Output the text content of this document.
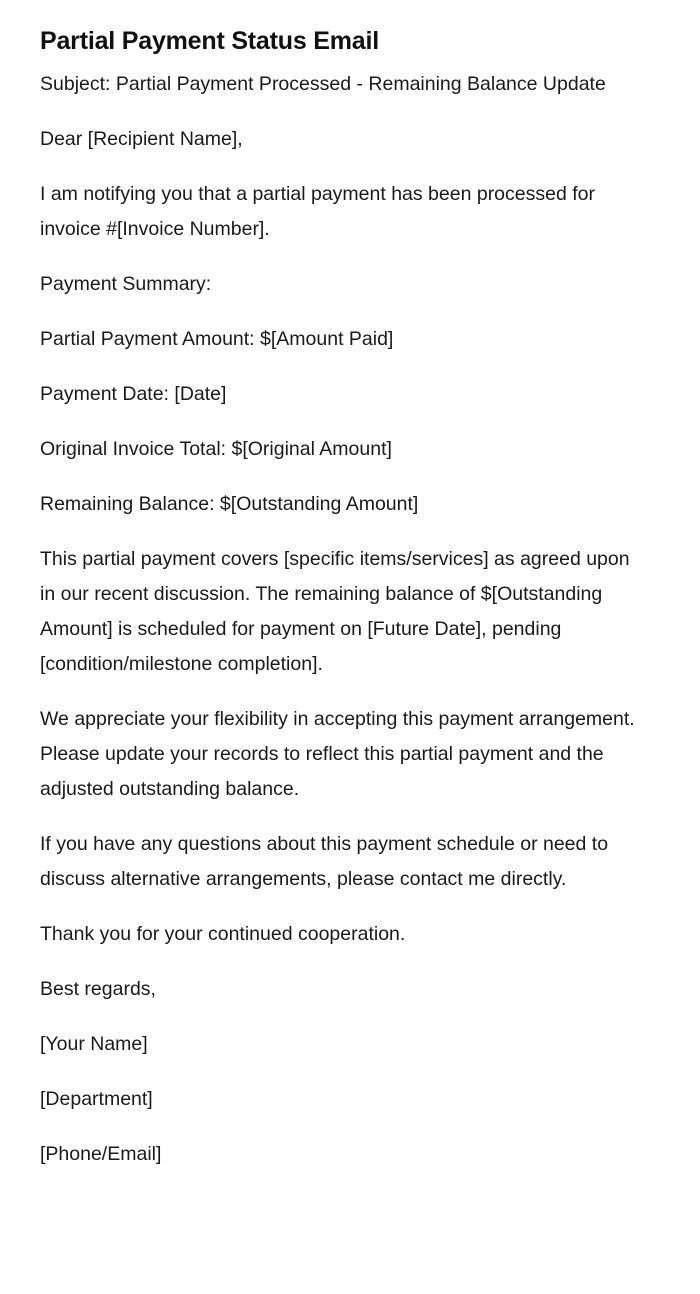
Partial Payment Status Email

Subject: Partial Payment Processed - Remaining Balance Update

Dear [Recipient Name],

I am notifying you that a partial payment has been processed for invoice #[Invoice Number].

Payment Summary:

Partial Payment Amount: $[Amount Paid]

Payment Date: [Date]

Original Invoice Total: $[Original Amount]

Remaining Balance: $[Outstanding Amount]

This partial payment covers [specific items/services] as agreed upon in our recent discussion. The remaining balance of $[Outstanding Amount] is scheduled for payment on [Future Date], pending [condition/milestone completion].

We appreciate your flexibility in accepting this payment arrangement. Please update your records to reflect this partial payment and the adjusted outstanding balance.

If you have any questions about this payment schedule or need to discuss alternative arrangements, please contact me directly.

Thank you for your continued cooperation.

Best regards,

[Your Name]

[Department]

[Phone/Email]
